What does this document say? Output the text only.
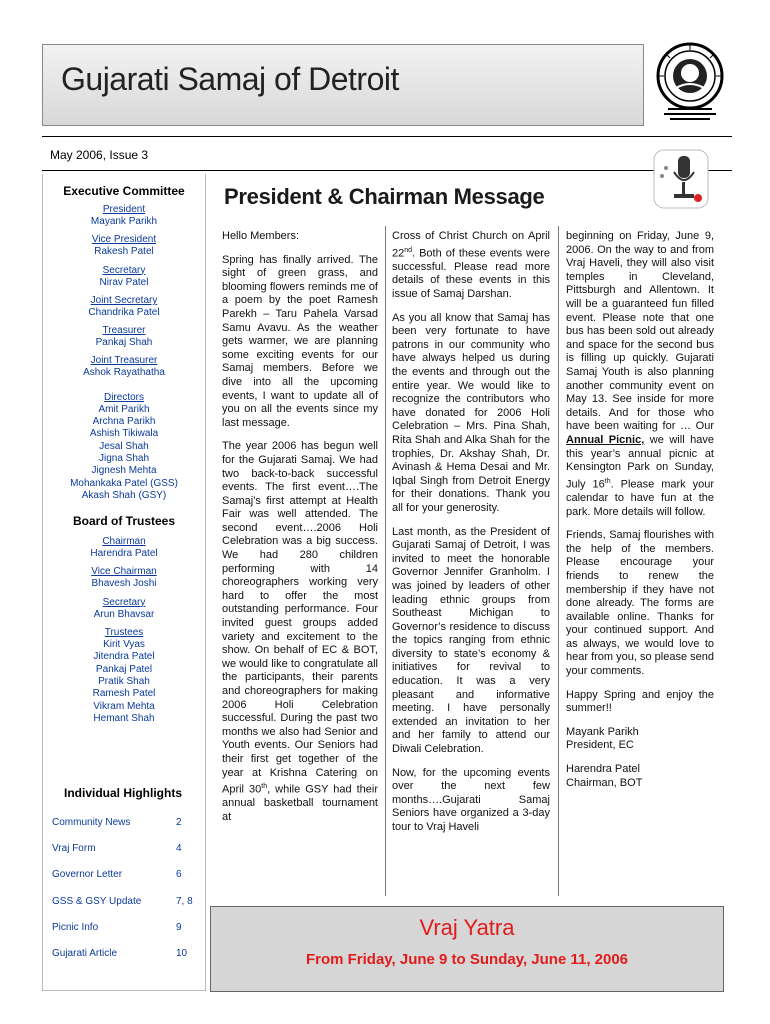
Gujarati Samaj of Detroit
May 2006, Issue 3
Executive Committee
President
Mayank Parikh
Vice President
Rakesh Patel
Secretary
Nirav Patel
Joint Secretary
Chandrika Patel
Treasurer
Pankaj Shah
Joint Treasurer
Ashok Rayathatha
Directors
Amit Parikh
Archna Parikh
Ashish Tikiwala
Jesal Shah
Jigna Shah
Jignesh Mehta
Mohankaka Patel (GSS)
Akash Shah (GSY)
Board of Trustees
Chairman
Harendra Patel
Vice Chairman
Bhavesh Joshi
Secretary
Arun Bhavsar
Trustees
Kirit Vyas
Jitendra Patel
Pankaj Patel
Pratik Shah
Ramesh Patel
Vikram Mehta
Hemant Shah
Individual Highlights
Community News	2
Vraj Form	4
Governor Letter	6
GSS & GSY Update	7, 8
Picnic Info	9
Gujarati Article	10
President & Chairman Message

Hello Members:

Spring has finally arrived. The sight of green grass, and blooming flowers reminds me of a poem by the poet Ramesh Parekh – Taru Pahela Varsad Samu Avavu. As the weather gets warmer, we are planning some exciting events for our Samaj members. Before we dive into all the upcoming events, I want to update all of you on all the events since my last message.

The year 2006 has begun well for the Gujarati Samaj. We had two back-to-back successful events. The first event….The Samaj’s first attempt at Health Fair was well attended. The second event….2006 Holi Celebration was a big success. We had 280 children performing with 14 choreographers working very hard to offer the most outstanding performance. Four invited guest groups added variety and excitement to the show. On behalf of EC & BOT, we would like to congratulate all the participants, their parents and choreographers for making 2006 Holi Celebration successful. During the past two months we also had Senior and Youth events. Our Seniors had their first get together of the year at Krishna Catering on April 30th, while GSY had their annual basketball tournament at

Cross of Christ Church on April 22nd. Both of these events were successful. Please read more details of these events in this issue of Samaj Darshan.

As you all know that Samaj has been very fortunate to have patrons in our community who have always helped us during the events and through out the entire year. We would like to recognize the contributors who have donated for 2006 Holi Celebration – Mrs. Pina Shah, Rita Shah and Alka Shah for the trophies, Dr. Akshay Shah, Dr. Avinash & Hema Desai and Mr. Iqbal Singh from Detroit Energy for their donations. Thank you all for your generosity.

Last month, as the President of Gujarati Samaj of Detroit, I was invited to meet the honorable Governor Jennifer Granholm. I was joined by leaders of other leading ethnic groups from Southeast Michigan to Governor’s residence to discuss the topics ranging from ethnic diversity to state’s economy & initiatives for revival to education. It was a very pleasant and informative meeting. I have personally extended an invitation to her and her family to attend our Diwali Celebration.

Now, for the upcoming events over the next few months….Gujarati Samaj Seniors have organized a 3-day tour to Vraj Haveli

beginning on Friday, June 9, 2006. On the way to and from Vraj Haveli, they will also visit temples in Cleveland, Pittsburgh and Allentown. It will be a guaranteed fun filled event. Please note that one bus has been sold out already and space for the second bus is filling up quickly. Gujarati Samaj Youth is also planning another community event on May 13. See inside for more details. And for those who have been waiting for … Our Annual Picnic, we will have this year’s annual picnic at Kensington Park on Sunday, July 16th. Please mark your calendar to have fun at the park. More details will follow.

Friends, Samaj flourishes with the help of the members. Please encourage your friends to renew the membership if they have not done already. The forms are available online. Thanks for your continued support. And as always, we would love to hear from you, so please send your comments.

Happy Spring and enjoy the summer!!

Mayank Parikh

President, EC

Harendra Patel

Chairman, BOT

Vraj Yatra
From Friday, June 9 to Sunday, June 11, 2006
